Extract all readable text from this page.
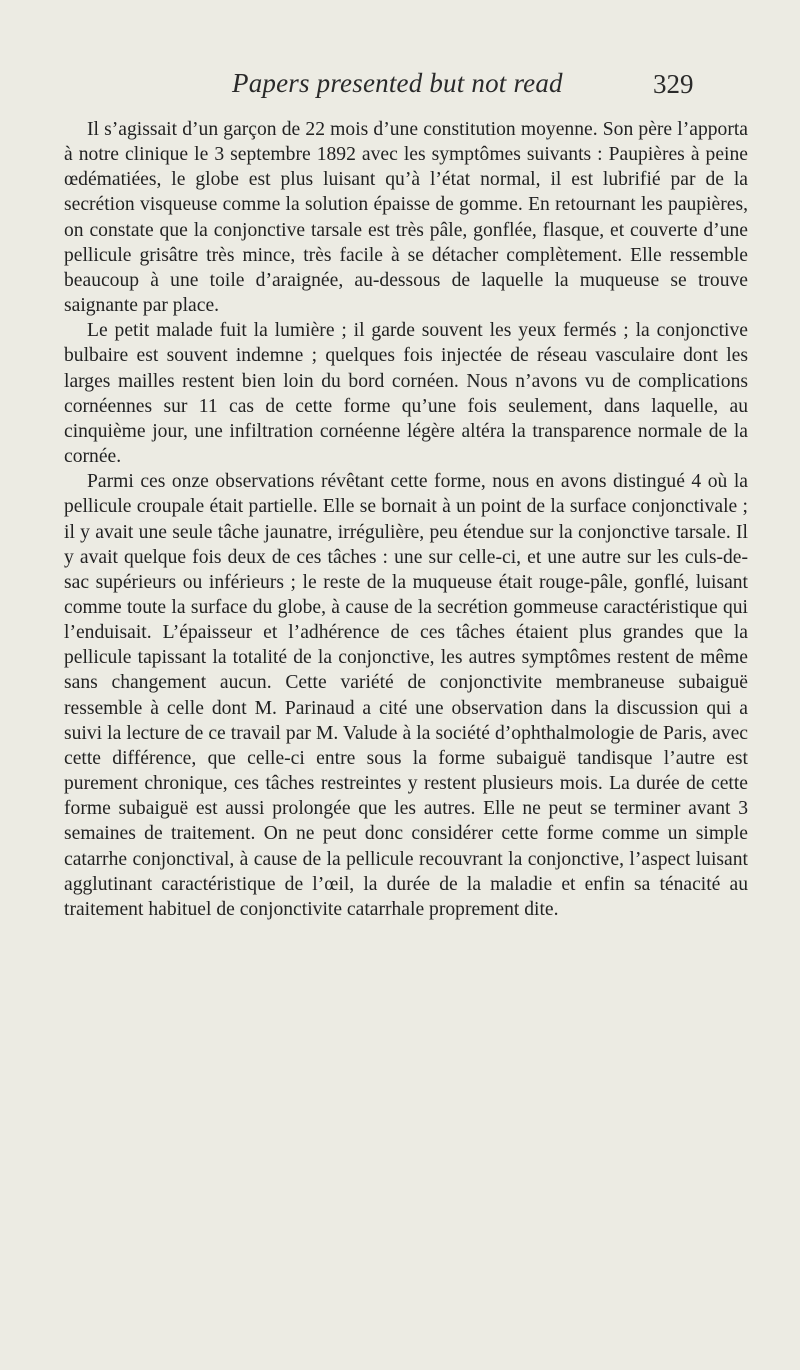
Papers presented but not read	329

Il s’agissait d’un garçon de 22 mois d’une constitution moyenne. Son père l’apporta à notre clinique le 3 septembre 1892 avec les symptômes suivants : Paupières à peine œdématiées, le globe est plus luisant qu’à l’état normal, il est lubrifié par de la secrétion visqueuse comme la solution épaisse de gomme. En retournant les paupières, on constate que la conjonctive tarsale est très pâle, gonflée, flasque, et couverte d’une pellicule grisâtre très mince, très facile à se détacher complètement. Elle ressemble beaucoup à une toile d’araignée, au-dessous de laquelle la muqueuse se trouve saignante par place.

Le petit malade fuit la lumière ; il garde souvent les yeux fermés ; la conjonctive bulbaire est souvent indemne ; quelques fois injectée de réseau vasculaire dont les larges mailles restent bien loin du bord cornéen. Nous n’avons vu de complications cornéennes sur 11 cas de cette forme qu’une fois seulement, dans laquelle, au cinquième jour, une infiltration cornéenne légère altéra la transparence normale de la cornée.

Parmi ces onze observations révêtant cette forme, nous en avons distingué 4 où la pellicule croupale était partielle. Elle se bornait à un point de la surface conjonctivale ; il y avait une seule tâche jaunatre, irrégulière, peu étendue sur la conjonctive tarsale. Il y avait quelque fois deux de ces tâches : une sur celle-ci, et une autre sur les culs-de-sac supérieurs ou inférieurs ; le reste de la muqueuse était rouge-pâle, gonflé, luisant comme toute la surface du globe, à cause de la secrétion gommeuse caractéristique qui l’enduisait. L’épaisseur et l’adhérence de ces tâches étaient plus grandes que la pellicule tapissant la totalité de la conjonctive, les autres symptômes restent de même sans changement aucun. Cette variété de conjonctivite membraneuse subaiguë ressemble à celle dont M. Parinaud a cité une observation dans la discussion qui a suivi la lecture de ce travail par M. Valude à la société d’ophthalmologie de Paris, avec cette différence, que celle-ci entre sous la forme subaiguë tandisque l’autre est purement chronique, ces tâches restreintes y restent plusieurs mois. La durée de cette forme subaiguë est aussi prolongée que les autres. Elle ne peut se terminer avant 3 semaines de traitement. On ne peut donc considérer cette forme comme un simple catarrhe conjonctival, à cause de la pellicule recouvrant la conjonctive, l’aspect luisant agglutinant caractéristique de l’œil, la durée de la maladie et enfin sa ténacité au traitement habituel de conjonctivite catarrhale proprement dite.
